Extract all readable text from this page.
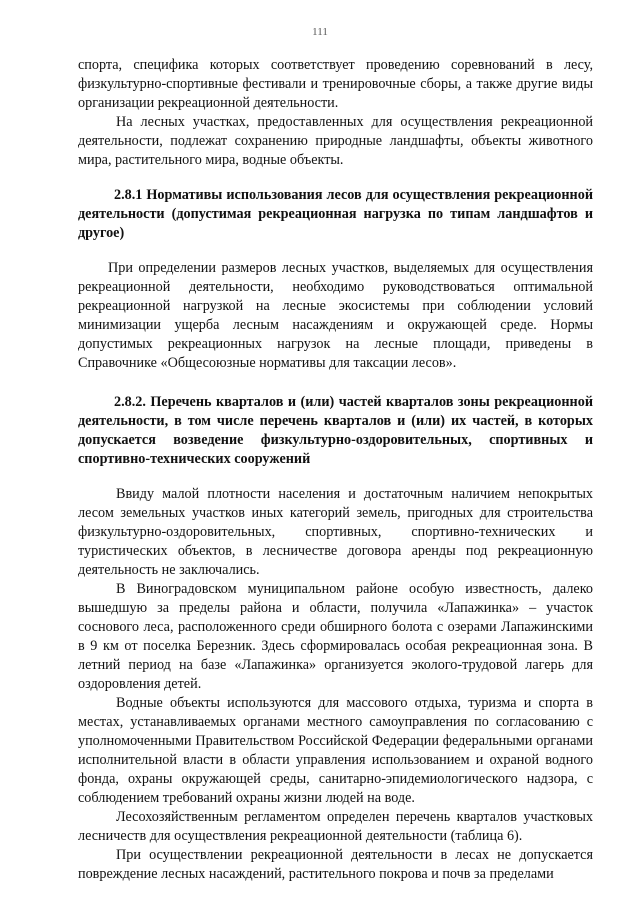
111

спорта, специфика которых соответствует проведению соревнований в лесу, физкультурно-спортивные фестивали и тренировочные сборы, а также другие виды организации рекреационной деятельности.

На лесных участках, предоставленных для осуществления рекреационной деятельности, подлежат сохранению природные ландшафты, объекты животного мира, растительного мира, водные объекты.

2.8.1 Нормативы использования лесов для осуществления рекреационной деятельности (допустимая рекреационная нагрузка по типам ландшафтов и другое)

При определении размеров лесных участков, выделяемых для осуществления рекреационной деятельности, необходимо руководствоваться оптимальной рекреационной нагрузкой на лесные экосистемы при соблюдении условий минимизации ущерба лесным насаждениям и окружающей среде. Нормы допустимых рекреационных нагрузок на лесные площади, приведены в Справочнике «Общесоюзные нормативы для таксации лесов».

2.8.2. Перечень кварталов и (или) частей кварталов зоны рекреационной деятельности, в том числе перечень кварталов и (или) их частей, в которых допускается возведение физкультурно-оздоровительных, спортивных и спортивно-технических сооружений

Ввиду малой плотности населения и достаточным наличием непокрытых лесом земельных участков иных категорий земель, пригодных для строительства физкультурно-оздоровительных, спортивных, спортивно-технических и туристических объектов, в лесничестве договора аренды под рекреационную деятельность не заключались.

В Виноградовском муниципальном районе особую известность, далеко вышедшую за пределы района и области, получила «Лапажинка» – участок соснового леса, расположенного среди обширного болота с озерами Лапажинскими в 9 км от поселка Березник. Здесь сформировалась особая рекреационная зона. В летний период на базе «Лапажинка» организуется эколого-трудовой лагерь для оздоровления детей.

Водные объекты используются для массового отдыха, туризма и спорта в местах, устанавливаемых органами местного самоуправления по согласованию с уполномоченными Правительством Российской Федерации федеральными органами исполнительной власти в области управления использованием и охраной водного фонда, охраны окружающей среды, санитарно-эпидемиологического надзора, с соблюдением требований охраны жизни людей на воде.

Лесохозяйственным регламентом определен перечень кварталов участковых лесничеств для осуществления рекреационной деятельности (таблица 6).

При осуществлении рекреационной деятельности в лесах не допускается повреждение лесных насаждений, растительного покрова и почв за пределами
